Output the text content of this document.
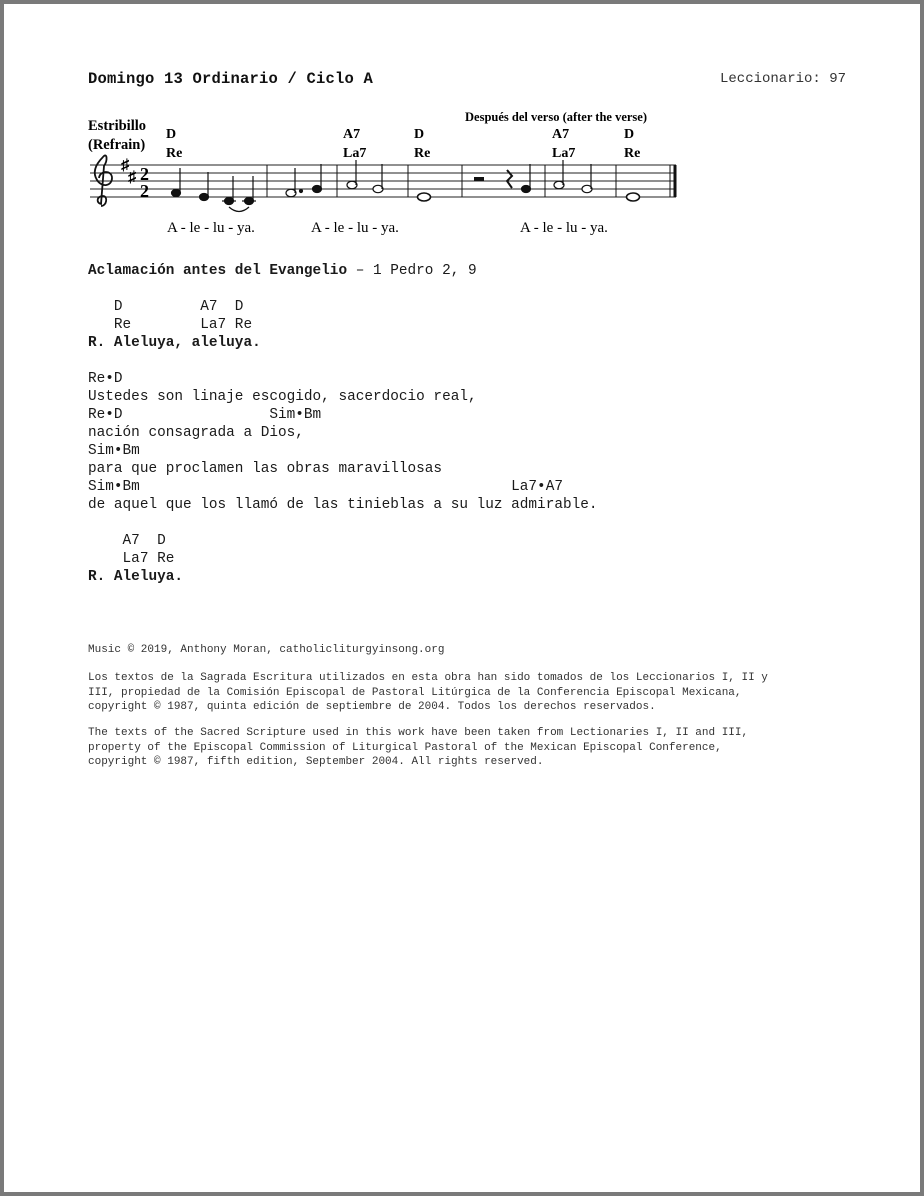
Domingo 13 Ordinario / Ciclo A	Leccionario: 97
Estribillo
(Refrain)
Después del verso (after the verse)
D
Re
A7
La7
D
Re
A7
La7
D
Re
♯
♯ 2
2
A - le - lu - ya.	A - le - lu - ya.	A - le - lu - ya.
Aclamación antes del Evangelio – 1 Pedro 2, 9
D         A7  D
Re        La7 Re
R. Aleluya, aleluya.
Re•D
Ustedes son linaje escogido, sacerdocio real,
Re•D                 Sim•Bm
nación consagrada a Dios,
Sim•Bm
para que proclamen las obras maravillosas
Sim•Bm                                           La7•A7
de aquel que los llamó de las tinieblas a su luz admirable.
A7  D
La7 Re
R. Aleluya.
Music © 2019, Anthony Moran, catholicliturgyinsong.org
Los textos de la Sagrada Escritura utilizados en esta obra han sido tomados de los Leccionarios I, II y
III, propiedad de la Comisión Episcopal de Pastoral Litúrgica de la Conferencia Episcopal Mexicana,
copyright © 1987, quinta edición de septiembre de 2004. Todos los derechos reservados.
The texts of the Sacred Scripture used in this work have been taken from Lectionaries I, II and III,
property of the Episcopal Commission of Liturgical Pastoral of the Mexican Episcopal Conference,
copyright © 1987, fifth edition, September 2004. All rights reserved.
